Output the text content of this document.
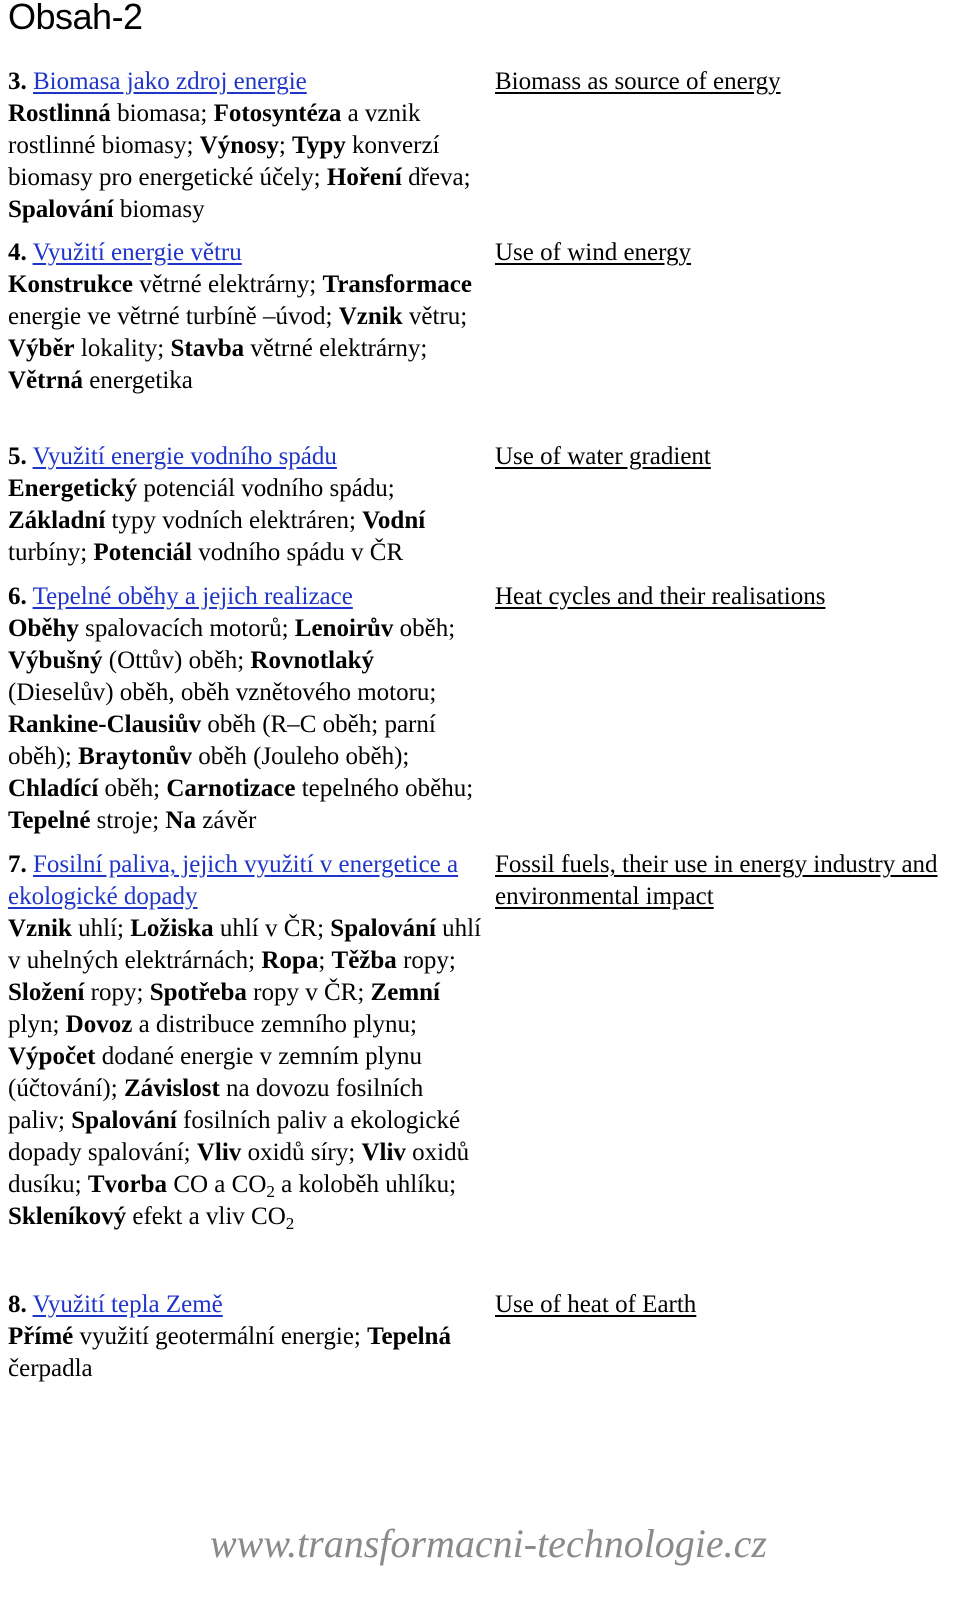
Obsah-2
3. Biomasa jako zdroj energie
Rostlinná biomasa; Fotosyntéza a vznik rostlinné biomasy; Výnosy; Typy konverzí biomasy pro energetické účely; Hoření dřeva; Spalování biomasy
Biomass as source of energy
4. Využití energie větru
Konstrukce větrné elektrárny; Transformace energie ve větrné turbíně –úvod; Vznik větru; Výběr lokality; Stavba větrné elektrárny; Větrná energetika
Use of wind energy
5. Využití energie vodního spádu
Energetický potenciál vodního spádu; Základní typy vodních elektráren; Vodní turbíny; Potenciál vodního spádu v ČR
Use of water gradient
6. Tepelné oběhy a jejich realizace
Oběhy spalovacích motorů; Lenoirův oběh; Výbušný (Ottův) oběh; Rovnotlaký (Dieselův) oběh, oběh vznětového motoru; Rankine-Clausiův oběh (R–C oběh; parní oběh); Braytonův oběh (Jouleho oběh); Chladící oběh; Carnotizace tepelného oběhu; Tepelné stroje; Na závěr
Heat cycles and their realisations
7. Fosilní paliva, jejich využití v energetice a ekologické dopady
Vznik uhlí; Ložiska uhlí v ČR; Spalování uhlí v uhelných elektrárnách; Ropa; Těžba ropy; Složení ropy; Spotřeba ropy v ČR; Zemní plyn; Dovoz a distribuce zemního plynu; Výpočet dodané energie v zemním plynu (účtování); Závislost na dovozu fosilních paliv; Spalování fosilních paliv a ekologické dopady spalování; Vliv oxidů síry; Vliv oxidů dusíku; Tvorba CO a $CO_2$ a koloběh uhlíku; Skleníkový efekt a vliv $CO_2$
Fossil fuels, their use in energy industry and environmental impact
8. Využití tepla Země
Přímé využití geotermální energie; Tepelná čerpadla
Use of heat of Earth
www.transformacni-technologie.cz
